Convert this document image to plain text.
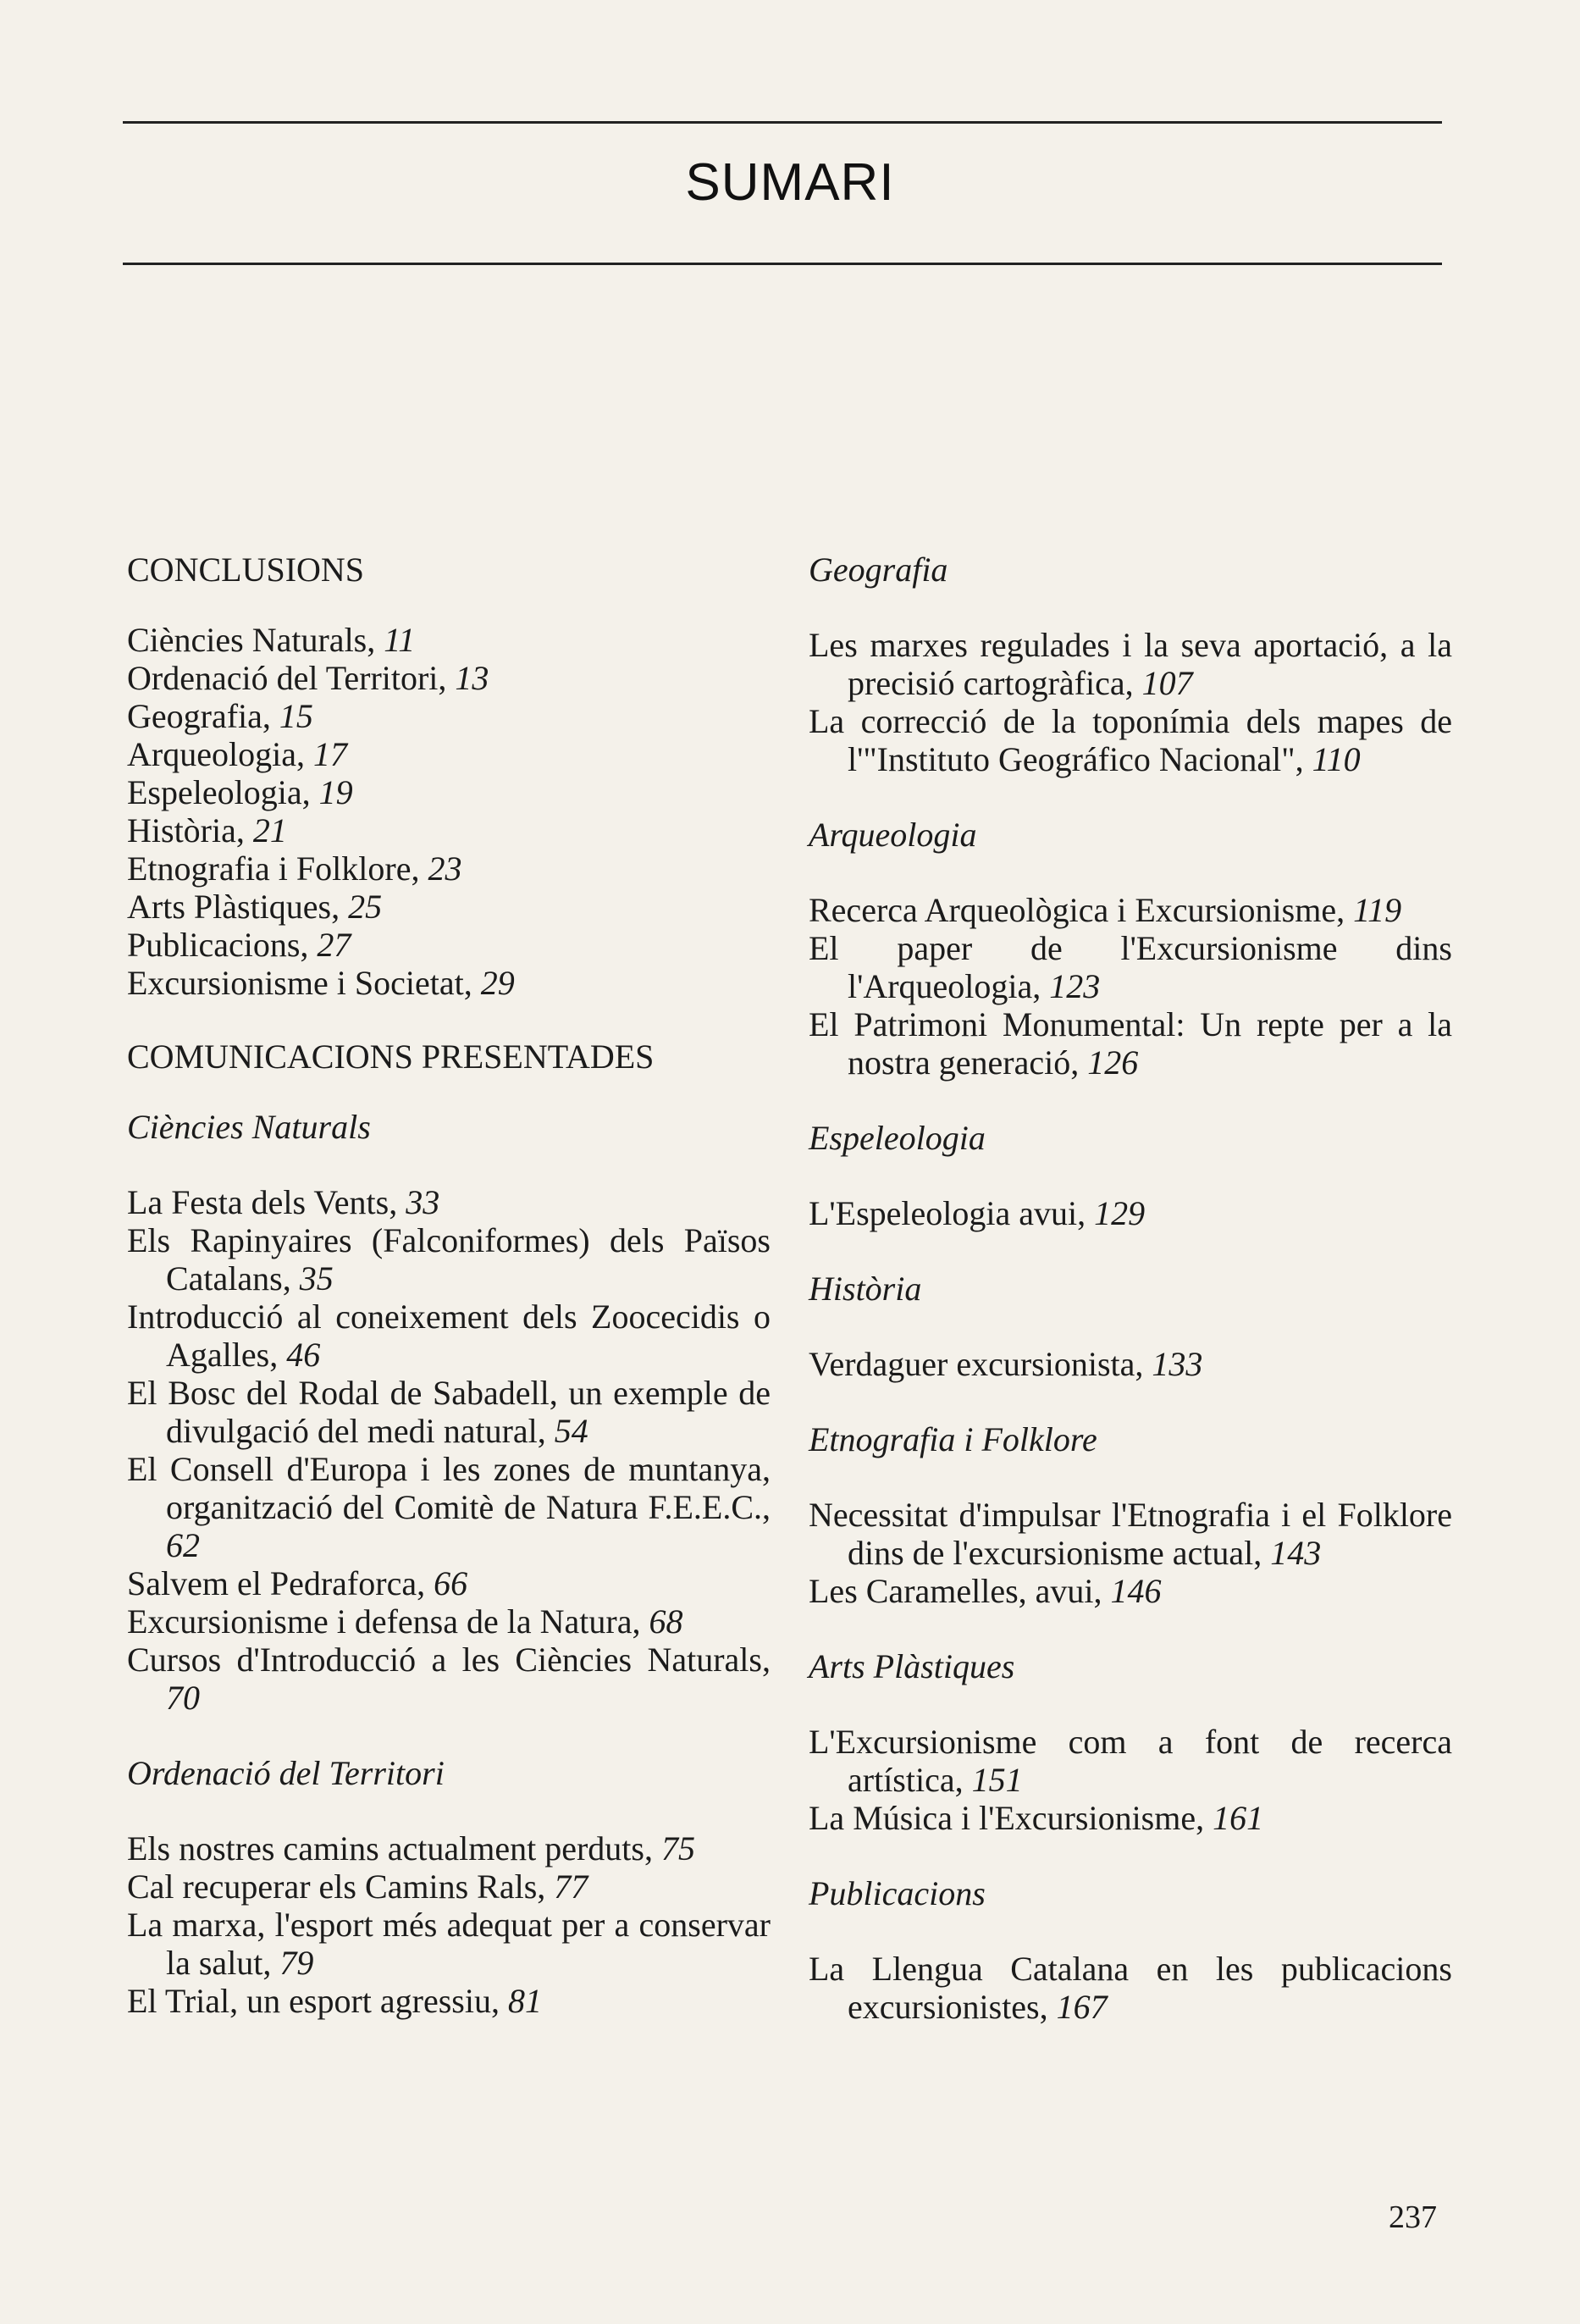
SUMARI
CONCLUSIONS

Ciències Naturals, 11

Ordenació del Territori, 13

Geografia, 15

Arqueologia, 17

Espeleologia, 19

Història, 21

Etnografia i Folklore, 23

Arts Plàstiques, 25

Publicacions, 27

Excursionisme i Societat, 29

COMUNICACIONS PRESENTADES
Ciències Naturals

La Festa dels Vents, 33

Els Rapinyaires (Falconiformes) dels Països Catalans, 35

Introducció al coneixement dels Zoocecidis o Agalles, 46

El Bosc del Rodal de Sabadell, un exemple de divulgació del medi natural, 54

El Consell d'Europa i les zones de muntanya, organització del Comitè de Natura F.E.E.C., 62

Salvem el Pedraforca, 66

Excursionisme i defensa de la Natura, 68

Cursos d'Introducció a les Ciències Naturals, 70

Ordenació del Territori

Els nostres camins actualment perduts, 75

Cal recuperar els Camins Rals, 77

La marxa, l'esport més adequat per a conservar la salut, 79

El Trial, un esport agressiu, 81

Geografia

Les marxes regulades i la seva aportació, a la precisió cartogràfica, 107

La correcció de la toponímia dels mapes de l'"Instituto Geográfico Nacional", 110

Arqueologia

Recerca Arqueològica i Excursionisme, 119

El paper de l'Excursionisme dins l'Arqueologia, 123

El Patrimoni Monumental: Un repte per a la nostra generació, 126

Espeleologia

L'Espeleologia avui, 129

Història

Verdaguer excursionista, 133

Etnografia i Folklore

Necessitat d'impulsar l'Etnografia i el Folklore dins de l'excursionisme actual, 143

Les Caramelles, avui, 146

Arts Plàstiques

L'Excursionisme com a font de recerca artística, 151

La Música i l'Excursionisme, 161

Publicacions

La Llengua Catalana en les publicacions excursionistes, 167

237
